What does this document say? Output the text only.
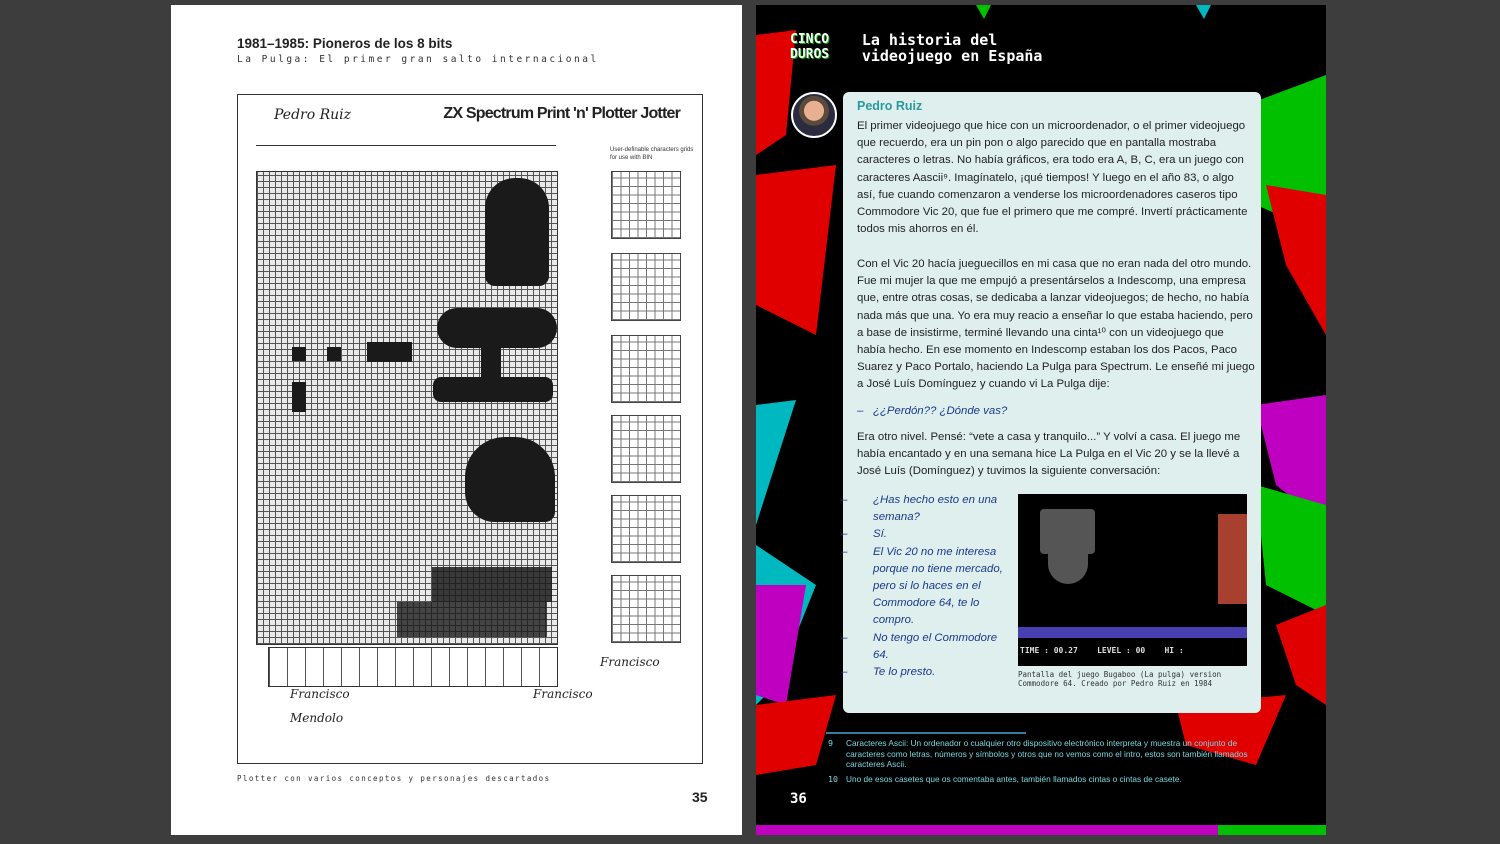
1981–1985: Pioneros de los 8 bits
La Pulga: El primer gran salto internacional
Pedro Ruiz	ZX Spectrum Print 'n' Plotter Jotter
User-definable characters grids for use with BIN
Francisco
Francisco
Mendolo
Francisco
Plotter con varios conceptos y personajes descartados
35
CINCO DUROS
La historia del
videojuego en España
Pedro Ruiz
El primer videojuego que hice con un microordenador, o el primer videojuego que recuerdo, era un pin pon o algo parecido que en pantalla mostraba caracteres o letras. No había gráficos, era todo era A, B, C, era un juego con caracteres Aascii⁹. Imagínatelo, ¡qué tiempos! Y luego en el año 83, o algo así, fue cuando comenzaron a venderse los microordenadores caseros tipo Commodore Vic 20, que fue el primero que me compré. Invertí prácticamente todos mis ahorros en él.
Con el Vic 20 hacía jueguecillos en mi casa que no eran nada del otro mundo. Fue mi mujer la que me empujó a presentárselos a Indescomp, una empresa que, entre otras cosas, se dedicaba a lanzar videojuegos; de hecho, no había nada más que una. Yo era muy reacio a enseñar lo que estaba haciendo, pero a base de insistirme, terminé llevando una cinta¹⁰ con un videojuego que había hecho. En ese momento en Indescomp estaban los dos Pacos, Paco Suarez y Paco Portalo, haciendo La Pulga para Spectrum. Le enseñé mi juego a José Luís Domínguez y cuando vi La Pulga dije:
– ¿¿Perdón?? ¿Dónde vas?
Era otro nivel. Pensé: “vete a casa y tranquilo...” Y volví a casa. El juego me había encantado y en una semana hice La Pulga en el Vic 20 y se la llevé a José Luís (Domínguez) y tuvimos la siguiente conversación:
– ¿Has hecho esto en una semana?
– Sí.
– El Vic 20 no me interesa porque no tiene mercado, pero si lo haces en el Commodore 64, te lo compro.
– No tengo el Commodore 64.
– Te lo presto.
TIME : 00.27    LEVEL : 00    HI :
Pantalla del juego Bugaboo (La pulga) version Commodore 64. Creado por Pedro Ruiz en 1984
9	Caracteres Ascii: Un ordenador o cualquier otro dispositivo electrónico interpreta y muestra un conjunto de caracteres como letras, números y símbolos y otros que no vemos como el intro, estos son también llamados caracteres Ascii.
10 Uno de esos casetes que os comentaba antes, también llamados cintas o cintas de casete.
36
